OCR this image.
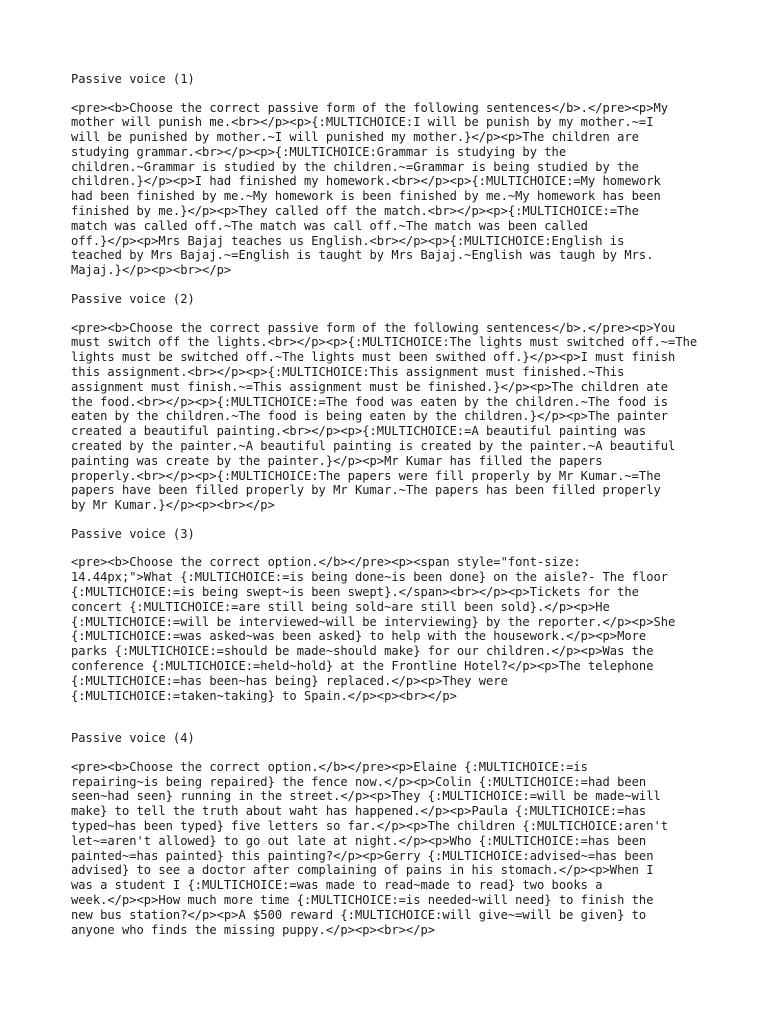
Passive voice (1)
<pre><b>Choose the correct passive form of the following sentences</b>.</pre><p>My
mother will punish me.<br></p><p>{:MULTICHOICE:I will be punish by my mother.~=I
will be punished by mother.~I will punished my mother.}</p><p>The children are
studying grammar.<br></p><p>{:MULTICHOICE:Grammar is studying by the
children.~Grammar is studied by the children.~=Grammar is being studied by the
children.}</p><p>I had finished my homework.<br></p><p>{:MULTICHOICE:=My homework
had been finished by me.~My homework is been finished by me.~My homework has been
finished by me.}</p><p>They called off the match.<br></p><p>{:MULTICHOICE:=The
match was called off.~The match was call off.~The match was been called
off.}</p><p>Mrs Bajaj teaches us English.<br></p><p>{:MULTICHOICE:English is
teached by Mrs Bajaj.~=English is taught by Mrs Bajaj.~English was taugh by Mrs.
Majaj.}</p><p><br></p>
Passive voice (2)
<pre><b>Choose the correct passive form of the following sentences</b>.</pre><p>You
must switch off the lights.<br></p><p>{:MULTICHOICE:The lights must switched off.~=The
lights must be switched off.~The lights must been swithed off.}</p><p>I must finish
this assignment.<br></p><p>{:MULTICHOICE:This assignment must finished.~This
assignment must finish.~=This assignment must be finished.}</p><p>The children ate
the food.<br></p><p>{:MULTICHOICE:=The food was eaten by the children.~The food is
eaten by the children.~The food is being eaten by the children.}</p><p>The painter
created a beautiful painting.<br></p><p>{:MULTICHOICE:=A beautiful painting was
created by the painter.~A beautiful painting is created by the painter.~A beautiful
painting was create by the painter.}</p><p>Mr Kumar has filled the papers
properly.<br></p><p>{:MULTICHOICE:The papers were fill properly by Mr Kumar.~=The
papers have been filled properly by Mr Kumar.~The papers has been filled properly
by Mr Kumar.}</p><p><br></p>
Passive voice (3)
<pre><b>Choose the correct option.</b></pre><p><span style="font-size:
14.44px;">What {:MULTICHOICE:=is being done~is been done} on the aisle?- The floor
{:MULTICHOICE:=is being swept~is been swept}.</span><br></p><p>Tickets for the
concert {:MULTICHOICE:=are still being sold~are still been sold}.</p><p>He
{:MULTICHOICE:=will be interviewed~will be interviewing} by the reporter.</p><p>She
{:MULTICHOICE:=was asked~was been asked} to help with the housework.</p><p>More
parks {:MULTICHOICE:=should be made~should make} for our children.</p><p>Was the
conference {:MULTICHOICE:=held~hold} at the Frontline Hotel?</p><p>The telephone
{:MULTICHOICE:=has been~has being} replaced.</p><p>They were
{:MULTICHOICE:=taken~taking} to Spain.</p><p><br></p>
Passive voice (4)
<pre><b>Choose the correct option.</b></pre><p>Elaine {:MULTICHOICE:=is
repairing~is being repaired} the fence now.</p><p>Colin {:MULTICHOICE:=had been
seen~had seen} running in the street.</p><p>They {:MULTICHOICE:=will be made~will
make} to tell the truth about waht has happened.</p><p>Paula {:MULTICHOICE:=has
typed~has been typed} five letters so far.</p><p>The children {:MULTICHOICE:aren't
let~=aren't allowed} to go out late at night.</p><p>Who {:MULTICHOICE:=has been
painted~=has painted} this painting?</p><p>Gerry {:MULTICHOICE:advised~=has been
advised} to see a doctor after complaining of pains in his stomach.</p><p>When I
was a student I {:MULTICHOICE:=was made to read~made to read} two books a
week.</p><p>How much more time {:MULTICHOICE:=is needed~will need} to finish the
new bus station?</p><p>A $500 reward {:MULTICHOICE:will give~=will be given} to
anyone who finds the missing puppy.</p><p><br></p>
